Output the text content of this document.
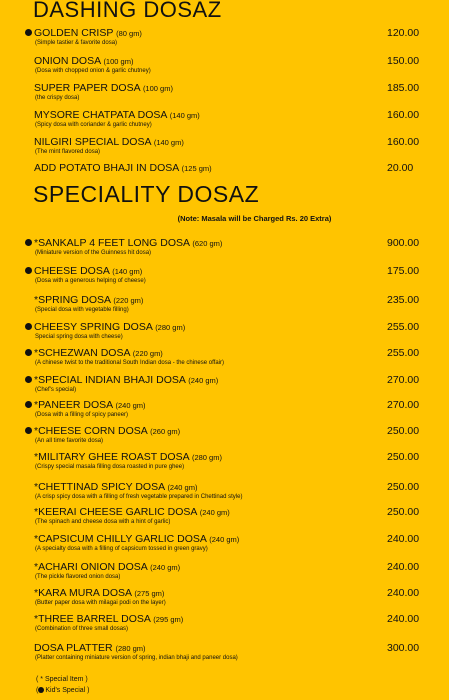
DASHING DOSAZ
GOLDEN CRISP (80 gm)
(Simple tastier & favorite dosa)
120.00
ONION DOSA (100 gm)
(Dosa with chopped onion & garlic chutney)
150.00
SUPER PAPER DOSA (100 gm)
(the crispy dosa)
185.00
MYSORE CHATPATA DOSA (140 gm)
(Spicy dosa with coriander & garlic chutney)
160.00
NILGIRI SPECIAL DOSA (140 gm)
(The mint flavored dosa)
160.00
ADD POTATO BHAJI IN DOSA (125 gm)	20.00
SPECIALITY DOSAZ
(Note: Masala will be Charged Rs. 20 Extra)
*SANKALP 4 FEET LONG DOSA (620 gm)
(Miniature version of the Guinness hit dosa)
900.00
CHEESE DOSA (140 gm)
(Dosa with a generous helping of cheese)
175.00
*SPRING DOSA (220 gm)
(Special dosa with vegetable filling)
235.00
CHEESY SPRING DOSA (280 gm)
Special spring dosa with cheese)
255.00
*SCHEZWAN DOSA (220 gm)
(A chinese twist to the traditional South Indian dosa - the chinese offair)
255.00
*SPECIAL INDIAN BHAJI DOSA (240 gm)
(Chef's special)
270.00
*PANEER DOSA (240 gm)
(Dosa with a filling of spicy paneer)
270.00
*CHEESE CORN DOSA (260 gm)
(An all time favorite dosa)
250.00
*MILITARY GHEE ROAST DOSA (280 gm)
(Crispy special masala filling dosa roasted in pure ghee)
250.00
*CHETTINAD SPICY DOSA (240 gm)
(A crisp spicy dosa with a filling of fresh vegetable prepared in Chettinad style)
250.00
*KEERAI CHEESE GARLIC DOSA (240 gm)
(The spinach and cheese dosa with a hint of garlic)
250.00
*CAPSICUM CHILLY GARLIC DOSA (240 gm)
(A specialty dosa with a filling of capsicum tossed in green gravy)
240.00
*ACHARI ONION DOSA (240 gm)
(The pickle flavored onion dosa)
240.00
*KARA MURA DOSA (275 gm)
(Butter paper dosa with milagai podi on the layer)
240.00
*THREE BARREL DOSA (295 gm)
(Combination of three small dosas)
240.00
DOSA PLATTER (280 gm)
(Platter containing miniature version of spring, indian bhaji and paneer dosa)
300.00
( * Special Item )
( Kid's Special )
